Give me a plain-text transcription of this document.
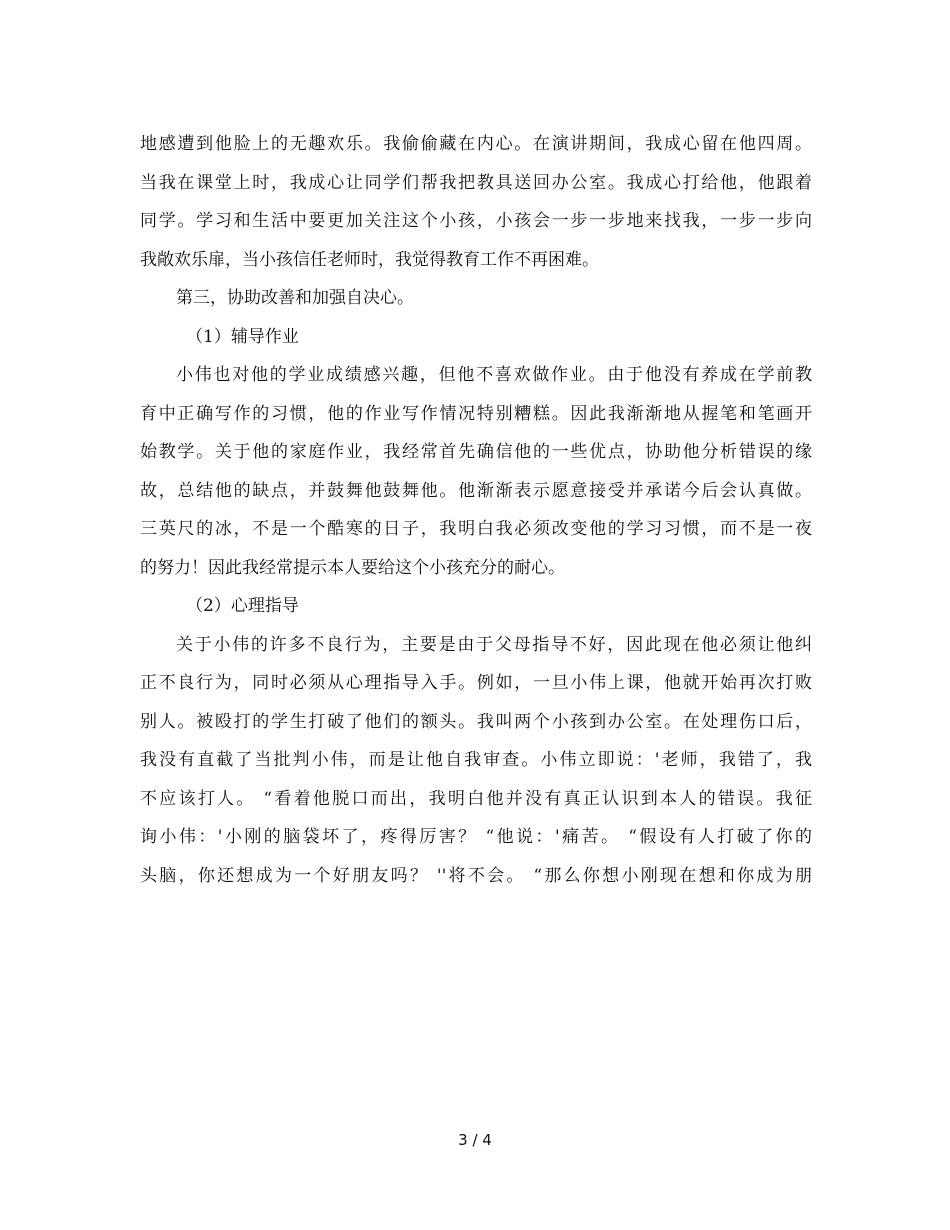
地感遭到他脸上的无趣欢乐。我偷偷藏在内心。在演讲期间，我成心留在他四周。
当我在课堂上时，我成心让同学们帮我把教具送回办公室。我成心打给他，他跟着
同学。学习和生活中要更加关注这个小孩，小孩会一步一步地来找我，一步一步向
我敞欢乐扉，当小孩信任老师时，我觉得教育工作不再困难。
第三，协助改善和加强自决心。
（1）辅导作业
小伟也对他的学业成绩感兴趣，但他不喜欢做作业。由于他没有养成在学前教
育中正确写作的习惯，他的作业写作情况特别糟糕。因此我渐渐地从握笔和笔画开
始教学。关于他的家庭作业，我经常首先确信他的一些优点，协助他分析错误的缘
故，总结他的缺点，并鼓舞他鼓舞他。他渐渐表示愿意接受并承诺今后会认真做。
三英尺的冰，不是一个酷寒的日子，我明白我必须改变他的学习习惯，而不是一夜
的努力！因此我经常提示本人要给这个小孩充分的耐心。
（2）心理指导
关于小伟的许多不良行为，主要是由于父母指导不好，因此现在他必须让他纠
正不良行为，同时必须从心理指导入手。例如，一旦小伟上课，他就开始再次打败
别人。被殴打的学生打破了他们的额头。我叫两个小孩到办公室。在处理伤口后，
我没有直截了当批判小伟，而是让他自我审查。小伟立即说：'老师，我错了，我
不应该打人。 “看着他脱口而出，我明白他并没有真正认识到本人的错误。我征
询小伟：'小刚的脑袋坏了，疼得厉害？ “他说：'痛苦。 “假设有人打破了你的
头脑，你还想成为一个好朋友吗？ ''将不会。 “那么你想小刚现在想和你成为朋
3 / 4
